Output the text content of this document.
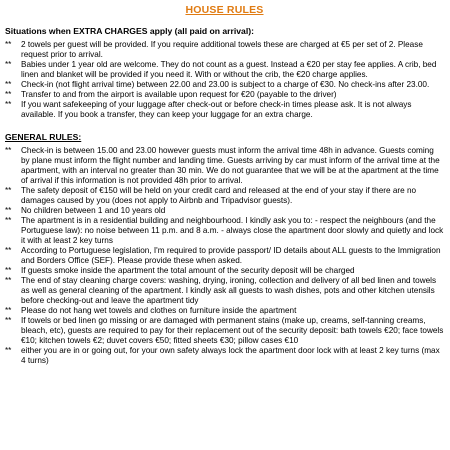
HOUSE RULES
Situations when EXTRA CHARGES apply (all paid on arrival):
**	2 towels per guest will be provided. If you require additional towels these are charged at €5 per set of 2. Please request prior to arrival.
**	Babies under 1 year old are welcome. They do not count as a guest. Instead a €20 per stay fee applies. A crib, bed linen and blanket will be provided if you need it. With or without the crib, the €20 charge applies.
**	Check-in (not flight arrival time) between 22.00 and 23.00 is subject to a charge of €30. No check-ins after 23.00.
**	Transfer to and from the airport is available upon request for €20 (payable to the driver)
**	If you want safekeeping of your luggage after check-out or before check-in times please ask. It is not always available. If you book a transfer, they can keep your luggage for an extra charge.
GENERAL RULES:
**	Check-in is between 15.00 and 23.00 however guests must inform the arrival time 48h in advance. Guests coming by plane must inform the flight number and landing time. Guests arriving by car must inform of the arrival time at the apartment, with an interval no greater than 30 min. We do not guarantee that we will be at the apartment at the time of arrival if this information is not provided 48h prior to arrival.
**	The safety deposit of €150 will be held on your credit card and released at the end of your stay if there are no damages caused by you (does not apply to Airbnb and Tripadvisor guests).
**	No children between 1 and 10 years old
**	The apartment is in a residential building and neighbourhood. I kindly ask you to: - respect the neighbours (and the Portuguese law): no noise between 11 p.m. and 8 a.m. - always close the apartment door slowly and quietly and lock it with at least 2 key turns
**	According to Portuguese legislation, I'm required to provide passport/ ID details about ALL guests to the Immigration and Borders Office (SEF). Please provide these when asked.
**	If guests smoke inside the apartment the total amount of the security deposit will be charged
**	The end of stay cleaning charge covers: washing, drying, ironing, collection and delivery of all bed linen and towels as well as general cleaning of the apartment. I kindly ask all guests to wash dishes, pots and other kitchen utensils before checking-out and leave the apartment tidy
**	Please do not hang wet towels and clothes on furniture inside the apartment
**	If towels or bed linen go missing or are damaged with permanent stains (make up, creams, self-tanning creams, bleach, etc), guests are required to pay for their replacement out of the security deposit: bath towels €20; face towels €10; kitchen towels €2; duvet covers €50; fitted sheets €30; pillow cases €10
**	either you are in or going out, for your own safety always lock the apartment door lock with at least 2 key turns (max 4 turns)
